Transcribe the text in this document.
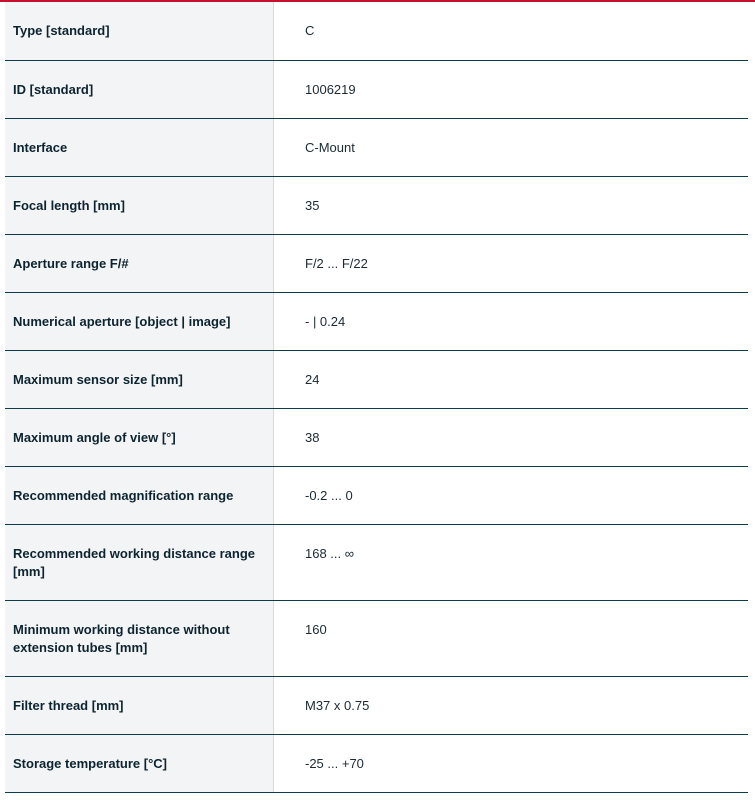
Type [standard]		C
ID [standard]		1006219
Interface		C-Mount
Focal length [mm]		35
Aperture range F/#		F/2 ... F/22
Numerical aperture [object | image]		- | 0.24
Maximum sensor size [mm]		24
Maximum angle of view [°]		38
Recommended magnification range		-0.2 ... 0
Recommended working distance range [mm]		168 ... ∞
Minimum working distance without extension tubes [mm]		160
Filter thread [mm]		M37 x 0.75
Storage temperature [°C]		-25 ... +70
